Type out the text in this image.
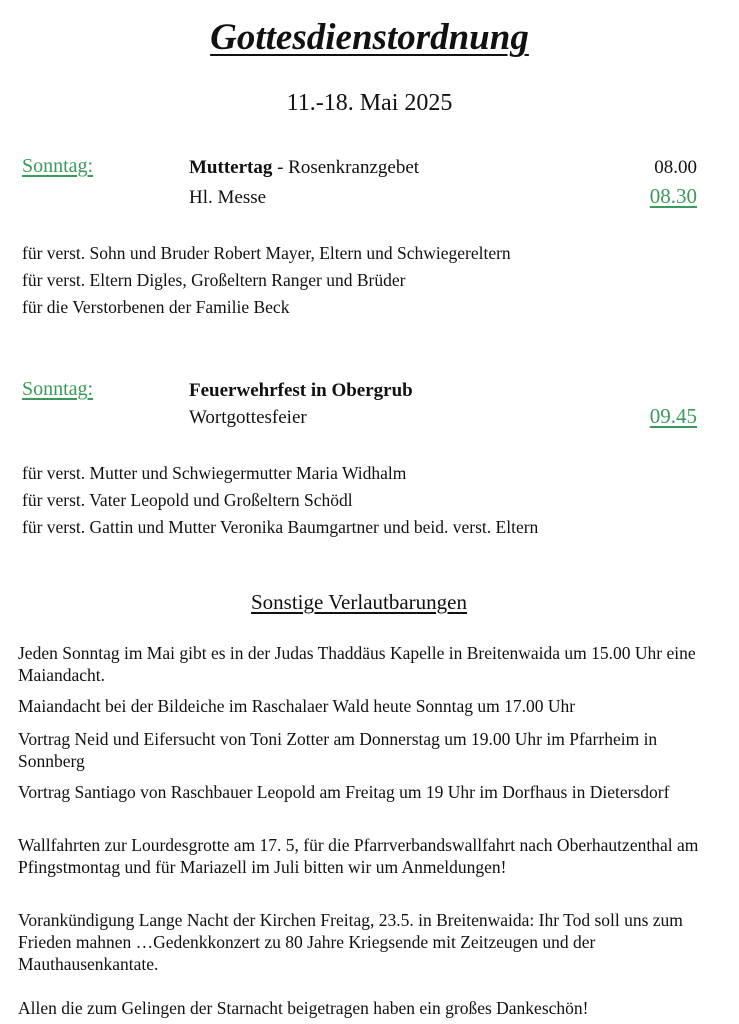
Gottesdienstordnung
11.-18. Mai 2025
Sonntag:	Muttertag - Rosenkranzgebet	08.00
Hl. Messe	08.30
für verst. Sohn und Bruder Robert Mayer, Eltern und Schwiegereltern
für verst. Eltern Digles, Großeltern Ranger und Brüder
für die Verstorbenen der Familie Beck
Sonntag:	Feuerwehrfest in Obergrub
Wortgottesfeier	09.45
für verst. Mutter und Schwiegermutter Maria Widhalm
für verst. Vater Leopold und Großeltern Schödl
für verst. Gattin und Mutter Veronika Baumgartner und beid. verst. Eltern
Sonstige Verlautbarungen
Jeden Sonntag im Mai gibt es in der Judas Thaddäus Kapelle in Breitenwaida um 15.00 Uhr eine Maiandacht.
Maiandacht bei der Bildeiche im Raschalaer Wald heute Sonntag um 17.00 Uhr
Vortrag Neid und Eifersucht von Toni Zotter am Donnerstag um 19.00 Uhr im Pfarrheim in Sonnberg
Vortrag Santiago von Raschbauer Leopold am Freitag um 19 Uhr im Dorfhaus in Dietersdorf
Wallfahrten zur Lourdesgrotte am 17. 5, für die Pfarrverbandswallfahrt nach Oberhautzenthal am Pfingstmontag und für Mariazell im Juli bitten wir um Anmeldungen!
Vorankündigung Lange Nacht der Kirchen Freitag, 23.5. in Breitenwaida: Ihr Tod soll uns zum Frieden mahnen …Gedenkkonzert zu 80 Jahre Kriegsende mit Zeitzeugen und der Mauthausenkantate.
Allen die zum Gelingen der Starnacht beigetragen haben ein großes Dankeschön!
